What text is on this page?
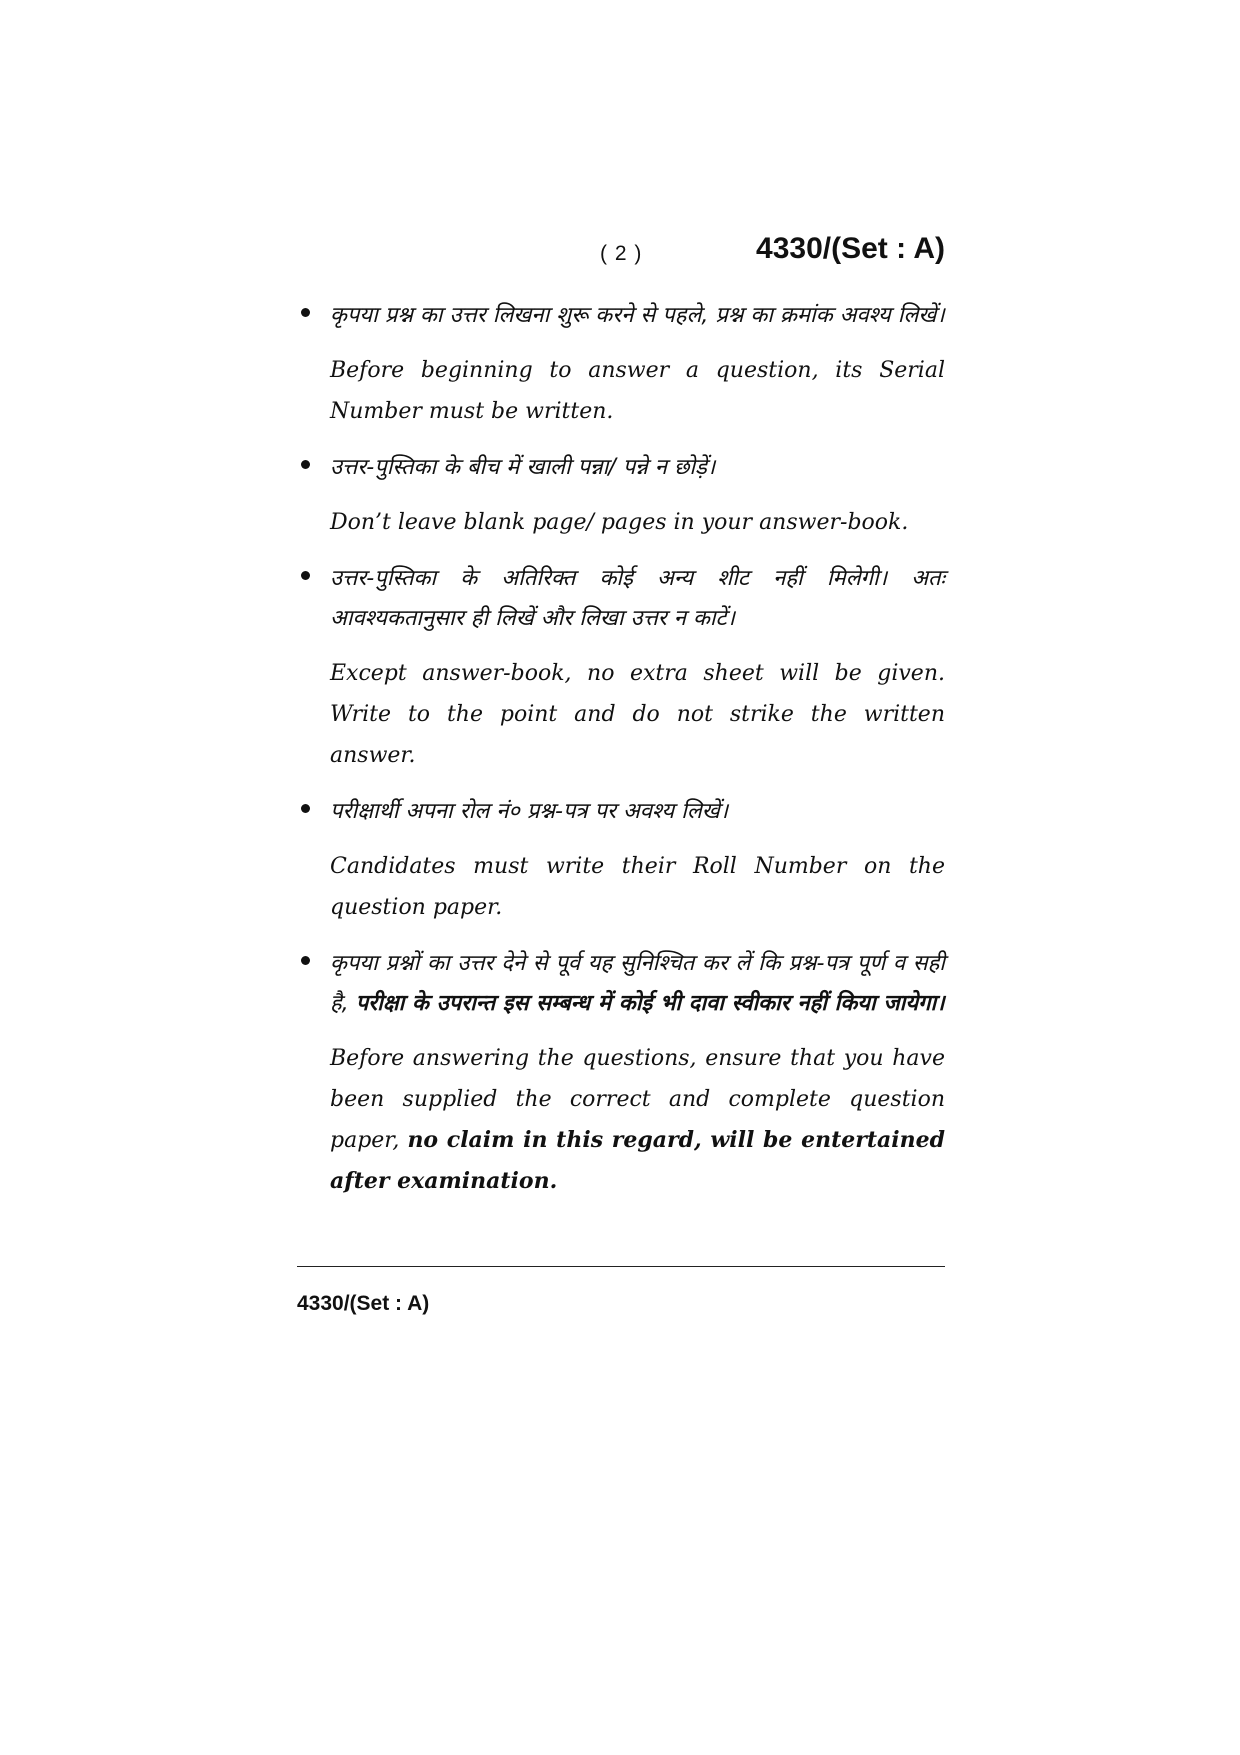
( 2 )	4330/(Set : A)

कृपया प्रश्न का उत्तर लिखना शुरू करने से पहले, प्रश्न का क्रमांक अवश्य लिखें।

Before beginning to answer a question, its Serial Number must be written.

उत्तर-पुस्तिका के बीच में खाली पन्ना/ पन्ने न छोड़ें।

Don’t leave blank page/ pages in your answer-book.

उत्तर-पुस्तिका के अतिरिक्त कोई अन्य शीट नहीं मिलेगी। अतः आवश्यकतानुसार ही लिखें और लिखा उत्तर न काटें।

Except answer-book, no extra sheet will be given. Write to the point and do not strike the written answer.

परीक्षार्थी अपना रोल नं० प्रश्न-पत्र पर अवश्य लिखें।

Candidates must write their Roll Number on the question paper.

कृपया प्रश्नों का उत्तर देने से पूर्व यह सुनिश्चित कर लें कि प्रश्न-पत्र पूर्ण व सही है, परीक्षा के उपरान्त इस सम्बन्ध में कोई भी दावा स्वीकार नहीं किया जायेगा।

Before answering the questions, ensure that you have been supplied the correct and complete question paper, no claim in this regard, will be entertained after examination.

4330/(Set : A)
